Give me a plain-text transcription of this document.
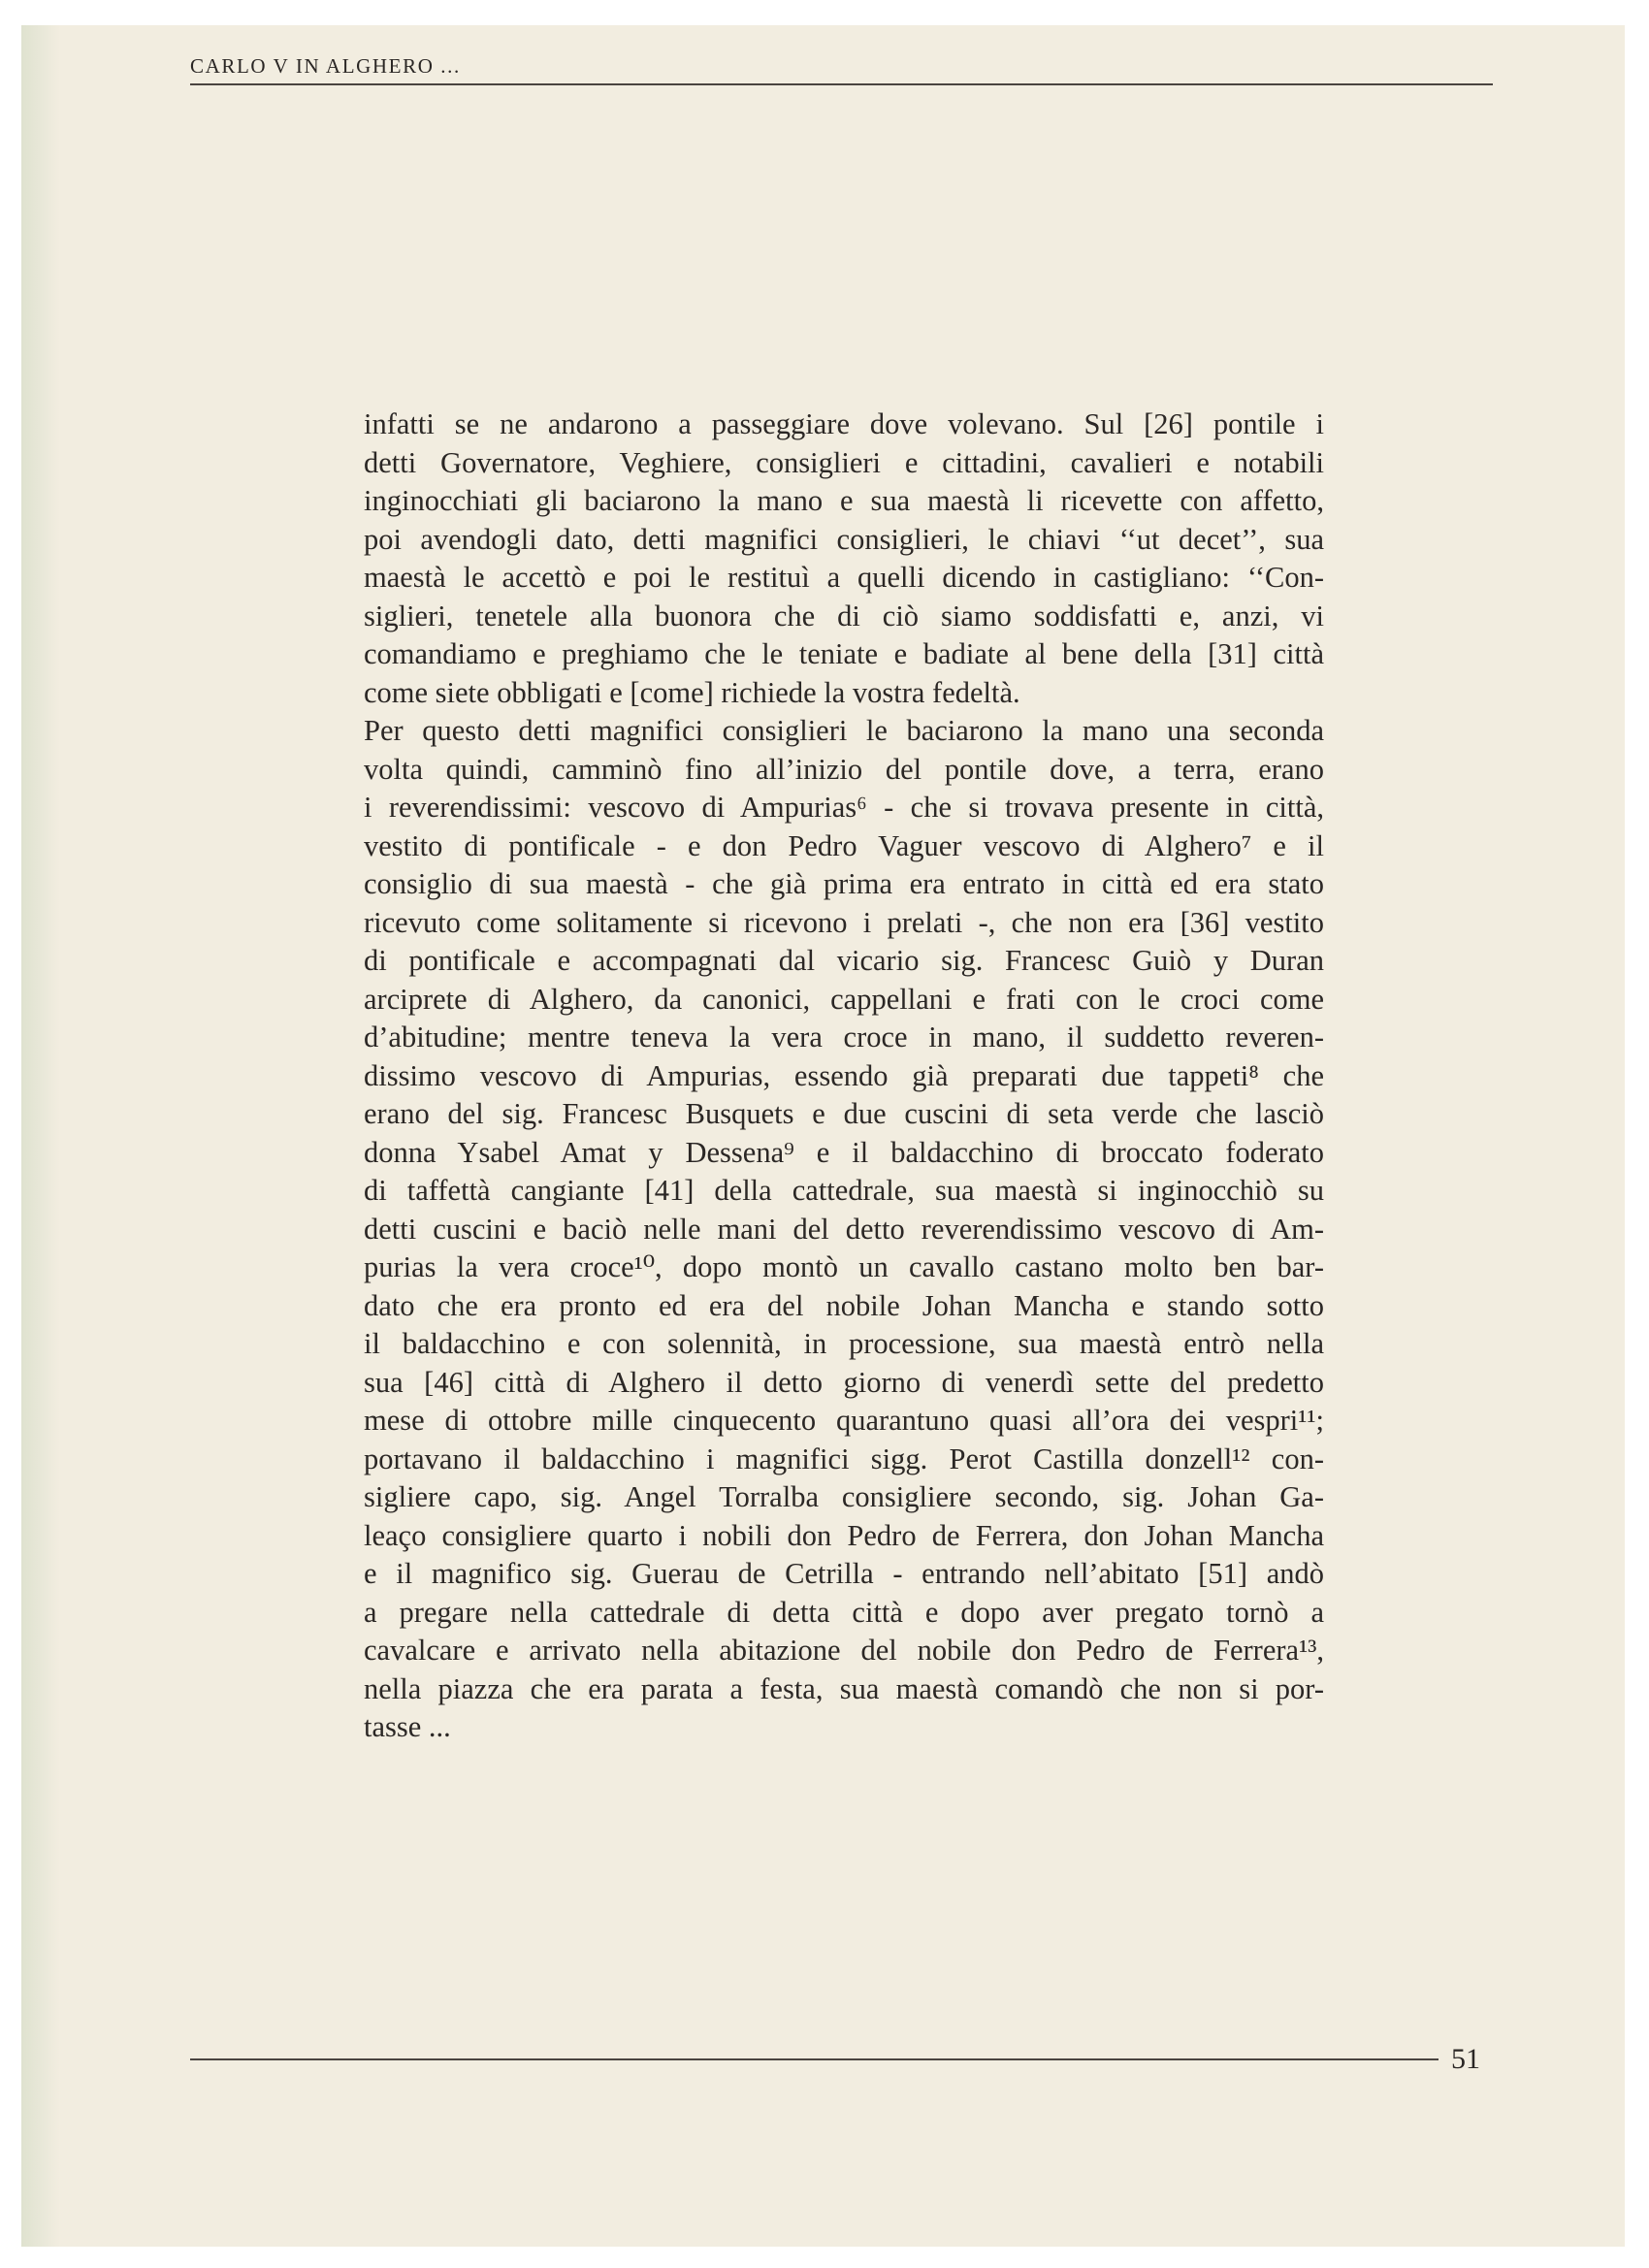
CARLO V IN ALGHERO ...
infatti se ne andarono a passeggiare dove volevano. Sul [26] pontile i
detti Governatore, Veghiere, consiglieri e cittadini, cavalieri e notabili
inginocchiati gli baciarono la mano e sua maestà li ricevette con affetto,
poi avendogli dato, detti magnifici consiglieri, le chiavi ‘‘ut decet’’, sua
maestà le accettò e poi le restituì a quelli dicendo in castigliano: ‘‘Con-
siglieri, tenetele alla buonora che di ciò siamo soddisfatti e, anzi, vi
comandiamo e preghiamo che le teniate e badiate al bene della [31] città
come siete obbligati e [come] richiede la vostra fedeltà.
Per questo detti magnifici consiglieri le baciarono la mano una seconda
volta quindi, camminò fino all’inizio del pontile dove, a terra, erano
i reverendissimi: vescovo di Ampurias⁶ - che si trovava presente in città,
vestito di pontificale - e don Pedro Vaguer vescovo di Alghero⁷ e il
consiglio di sua maestà - che già prima era entrato in città ed era stato
ricevuto come solitamente si ricevono i prelati -, che non era [36] vestito
di pontificale e accompagnati dal vicario sig. Francesc Guiò y Duran
arciprete di Alghero, da canonici, cappellani e frati con le croci come
d’abitudine; mentre teneva la vera croce in mano, il suddetto reveren-
dissimo vescovo di Ampurias, essendo già preparati due tappeti⁸ che
erano del sig. Francesc Busquets e due cuscini di seta verde che lasciò
donna Ysabel Amat y Dessena⁹ e il baldacchino di broccato foderato
di taffettà cangiante [41] della cattedrale, sua maestà si inginocchiò su
detti cuscini e baciò nelle mani del detto reverendissimo vescovo di Am-
purias la vera croce¹⁰, dopo montò un cavallo castano molto ben bar-
dato che era pronto ed era del nobile Johan Mancha e stando sotto
il baldacchino e con solennità, in processione, sua maestà entrò nella
sua [46] città di Alghero il detto giorno di venerdì sette del predetto
mese di ottobre mille cinquecento quarantuno quasi all’ora dei vespri¹¹;
portavano il baldacchino i magnifici sigg. Perot Castilla donzell¹² con-
sigliere capo, sig. Angel Torralba consigliere secondo, sig. Johan Ga-
leaço consigliere quarto i nobili don Pedro de Ferrera, don Johan Mancha
e il magnifico sig. Guerau de Cetrilla - entrando nell’abitato [51] andò
a pregare nella cattedrale di detta città e dopo aver pregato tornò a
cavalcare e arrivato nella abitazione del nobile don Pedro de Ferrera¹³,
nella piazza che era parata a festa, sua maestà comandò che non si por-
tasse ...
51
